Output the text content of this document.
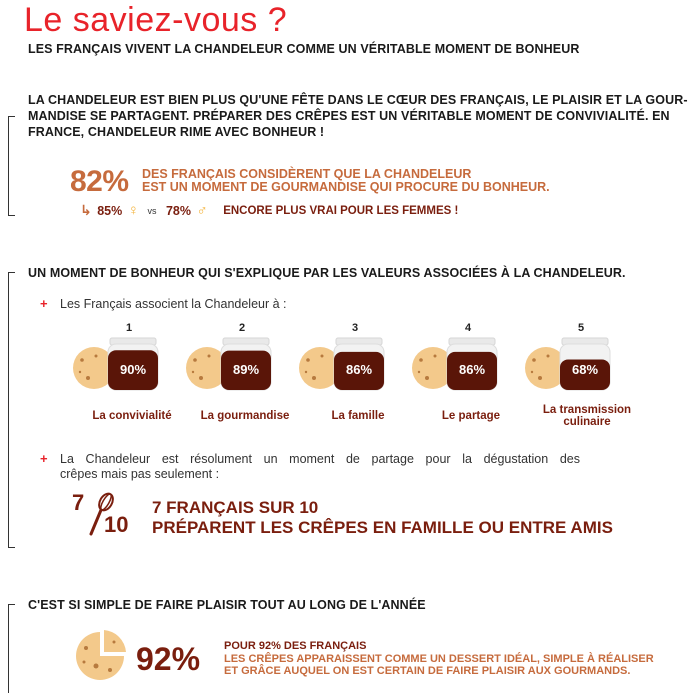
Le saviez-vous ?
LES FRANÇAIS VIVENT LA CHANDELEUR COMME UN VÉRITABLE MOMENT DE BONHEUR
LA CHANDELEUR EST BIEN PLUS QU'UNE FÊTE DANS LE CŒUR DES FRANÇAIS, LE PLAISIR ET LA GOUR-
MANDISE SE PARTAGENT. PRÉPARER DES CRÊPES EST UN VÉRITABLE MOMENT DE CONVIVIALITÉ. EN
FRANCE, CHANDELEUR RIME AVEC BONHEUR !
82% DES FRANÇAIS CONSIDÈRENT QUE LA CHANDELEUR
EST UN MOMENT DE GOURMANDISE QUI PROCURE DU BONHEUR.
↳ 85% ♀ vs 78% ♂ ENCORE PLUS VRAI POUR LES FEMMES !
UN MOMENT DE BONHEUR QUI S'EXPLIQUE PAR LES VALEURS ASSOCIÉES À LA CHANDELEUR.
+ Les Français associent la Chandeleur à :
1
90%
La convivialité
2
89%
La gourmandise
3
86%
La famille
4
86%
Le partage
5
68%
La transmission culinaire
+ La Chandeleur est résolument un moment de partage pour la dégustation des
crêpes mais pas seulement :
7
10
7 FRANÇAIS SUR 10
PRÉPARENT LES CRÊPES EN FAMILLE OU ENTRE AMIS
C'EST SI SIMPLE DE FAIRE PLAISIR TOUT AU LONG DE L'ANNÉE
92% POUR 92% DES FRANÇAIS
LES CRÊPES APPARAISSENT COMME UN DESSERT IDÉAL, SIMPLE À RÉALISER
ET GRÂCE AUQUEL ON EST CERTAIN DE FAIRE PLAISIR AUX GOURMANDS.
